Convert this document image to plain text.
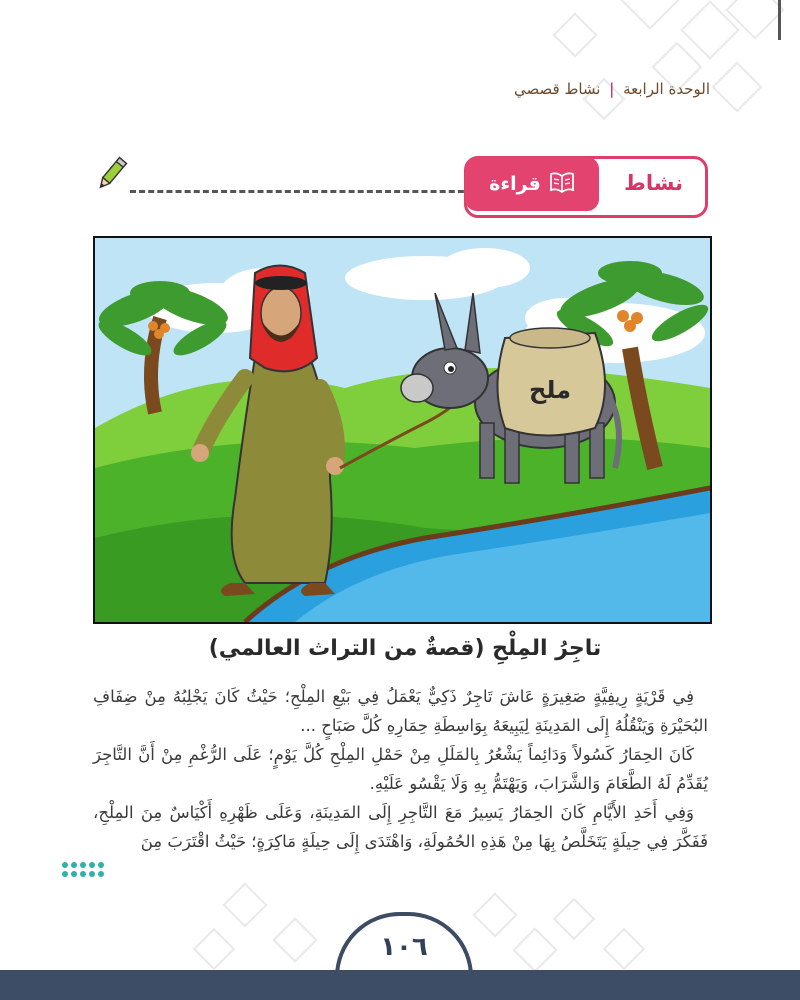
الوحدة الرابعة | نشاط قصصي
قراءة	نشاط
ملح
تاجِرُ المِلْحِ (قصةٌ من التراث العالمي)

فِي قَرْيَةٍ رِيفِيَّةٍ صَغِيرَةٍ عَاشَ تَاجِرٌ ذَكِيٌّ يَعْمَلُ فِي بَيْعِ المِلْحِ؛ حَيْثُ كَانَ يَجْلِبُهُ مِنْ ضِفَافِ البُحَيْرَةِ وَيَنْقُلُهُ إِلَى المَدِينَةِ لِيَبِيعَهُ بِوَاسِطَةِ حِمَارِهِ كُلَّ صَبَاحٍ ...

كَانَ الحِمَارُ كَسُولاً وَدَائِماً يَشْعُرُ بِالمَلَلِ مِنْ حَمْلِ المِلْحِ كُلَّ يَوْمٍ؛ عَلَى الرُّغْمِ مِنْ أَنَّ التَّاجِرَ يُقَدِّمُ لَهُ الطَّعَامَ وَالشَّرَابَ، وَيَهْتَمُّ بِهِ وَلَا يَقْسُو عَلَيْهِ.

وَفِي أَحَدِ الأَيَّامِ كَانَ الحِمَارُ يَسِيرُ مَعَ التَّاجِرِ إِلَى المَدِينَةِ، وَعَلَى ظَهْرِهِ أَكْيَاسٌ مِنَ المِلْحِ، فَفَكَّرَ فِي حِيلَةٍ يَتَخَلَّصُ بِهَا مِنْ هَذِهِ الحُمُولَةِ، وَاهْتَدَى إِلَى حِيلَةٍ مَاكِرَةٍ؛ حَيْثُ اقْتَرَبَ مِنَ

١٠٦
